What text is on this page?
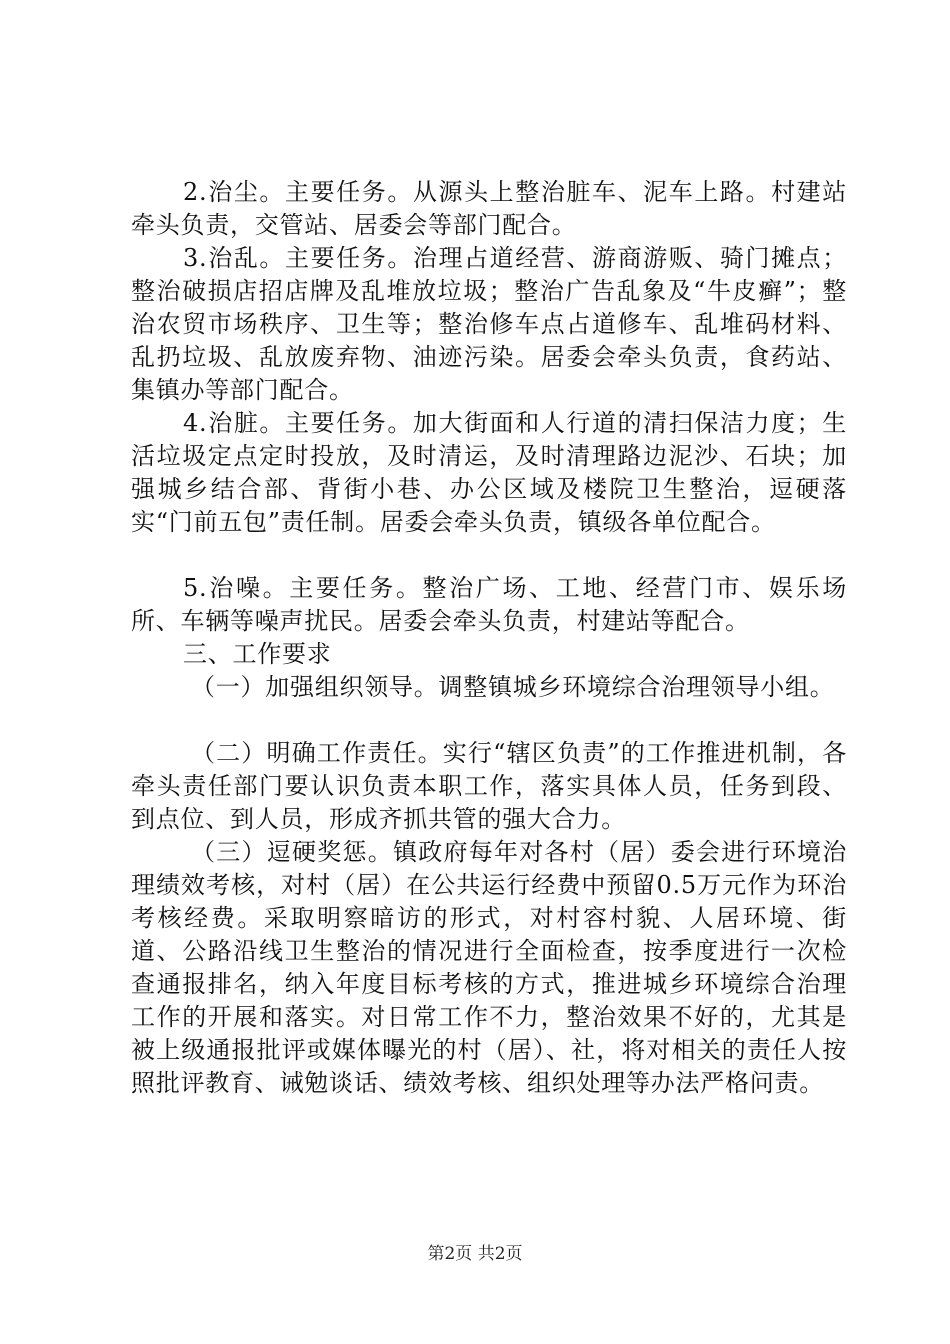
2.治尘。主要任务。从源头上整治脏车、泥车上路。村建站牵头负责，交管站、居委会等部门配合。

3.治乱。主要任务。治理占道经营、游商游贩、骑门摊点；整治破损店招店牌及乱堆放垃圾；整治广告乱象及“牛皮癣”；整治农贸市场秩序、卫生等；整治修车点占道修车、乱堆码材料、乱扔垃圾、乱放废弃物、油迹污染。居委会牵头负责，食药站、集镇办等部门配合。

4.治脏。主要任务。加大街面和人行道的清扫保洁力度；生活垃圾定点定时投放，及时清运，及时清理路边泥沙、石块；加强城乡结合部、背街小巷、办公区域及楼院卫生整治，逗硬落实“门前五包”责任制。居委会牵头负责，镇级各单位配合。

5.治噪。主要任务。整治广场、工地、经营门市、娱乐场所、车辆等噪声扰民。居委会牵头负责，村建站等配合。

三、工作要求

（一）加强组织领导。调整镇城乡环境综合治理领导小组。

（二）明确工作责任。实行“辖区负责”的工作推进机制，各牵头责任部门要认识负责本职工作，落实具体人员，任务到段、到点位、到人员，形成齐抓共管的强大合力。

（三）逗硬奖惩。镇政府每年对各村（居）委会进行环境治理绩效考核，对村（居）在公共运行经费中预留0.5万元作为环治考核经费。采取明察暗访的形式，对村容村貌、人居环境、街道、公路沿线卫生整治的情况进行全面检查，按季度进行一次检查通报排名，纳入年度目标考核的方式，推进城乡环境综合治理工作的开展和落实。对日常工作不力，整治效果不好的，尤其是被上级通报批评或媒体曝光的村（居）、社，将对相关的责任人按照批评教育、诫勉谈话、绩效考核、组织处理等办法严格问责。

第2页 共2页
